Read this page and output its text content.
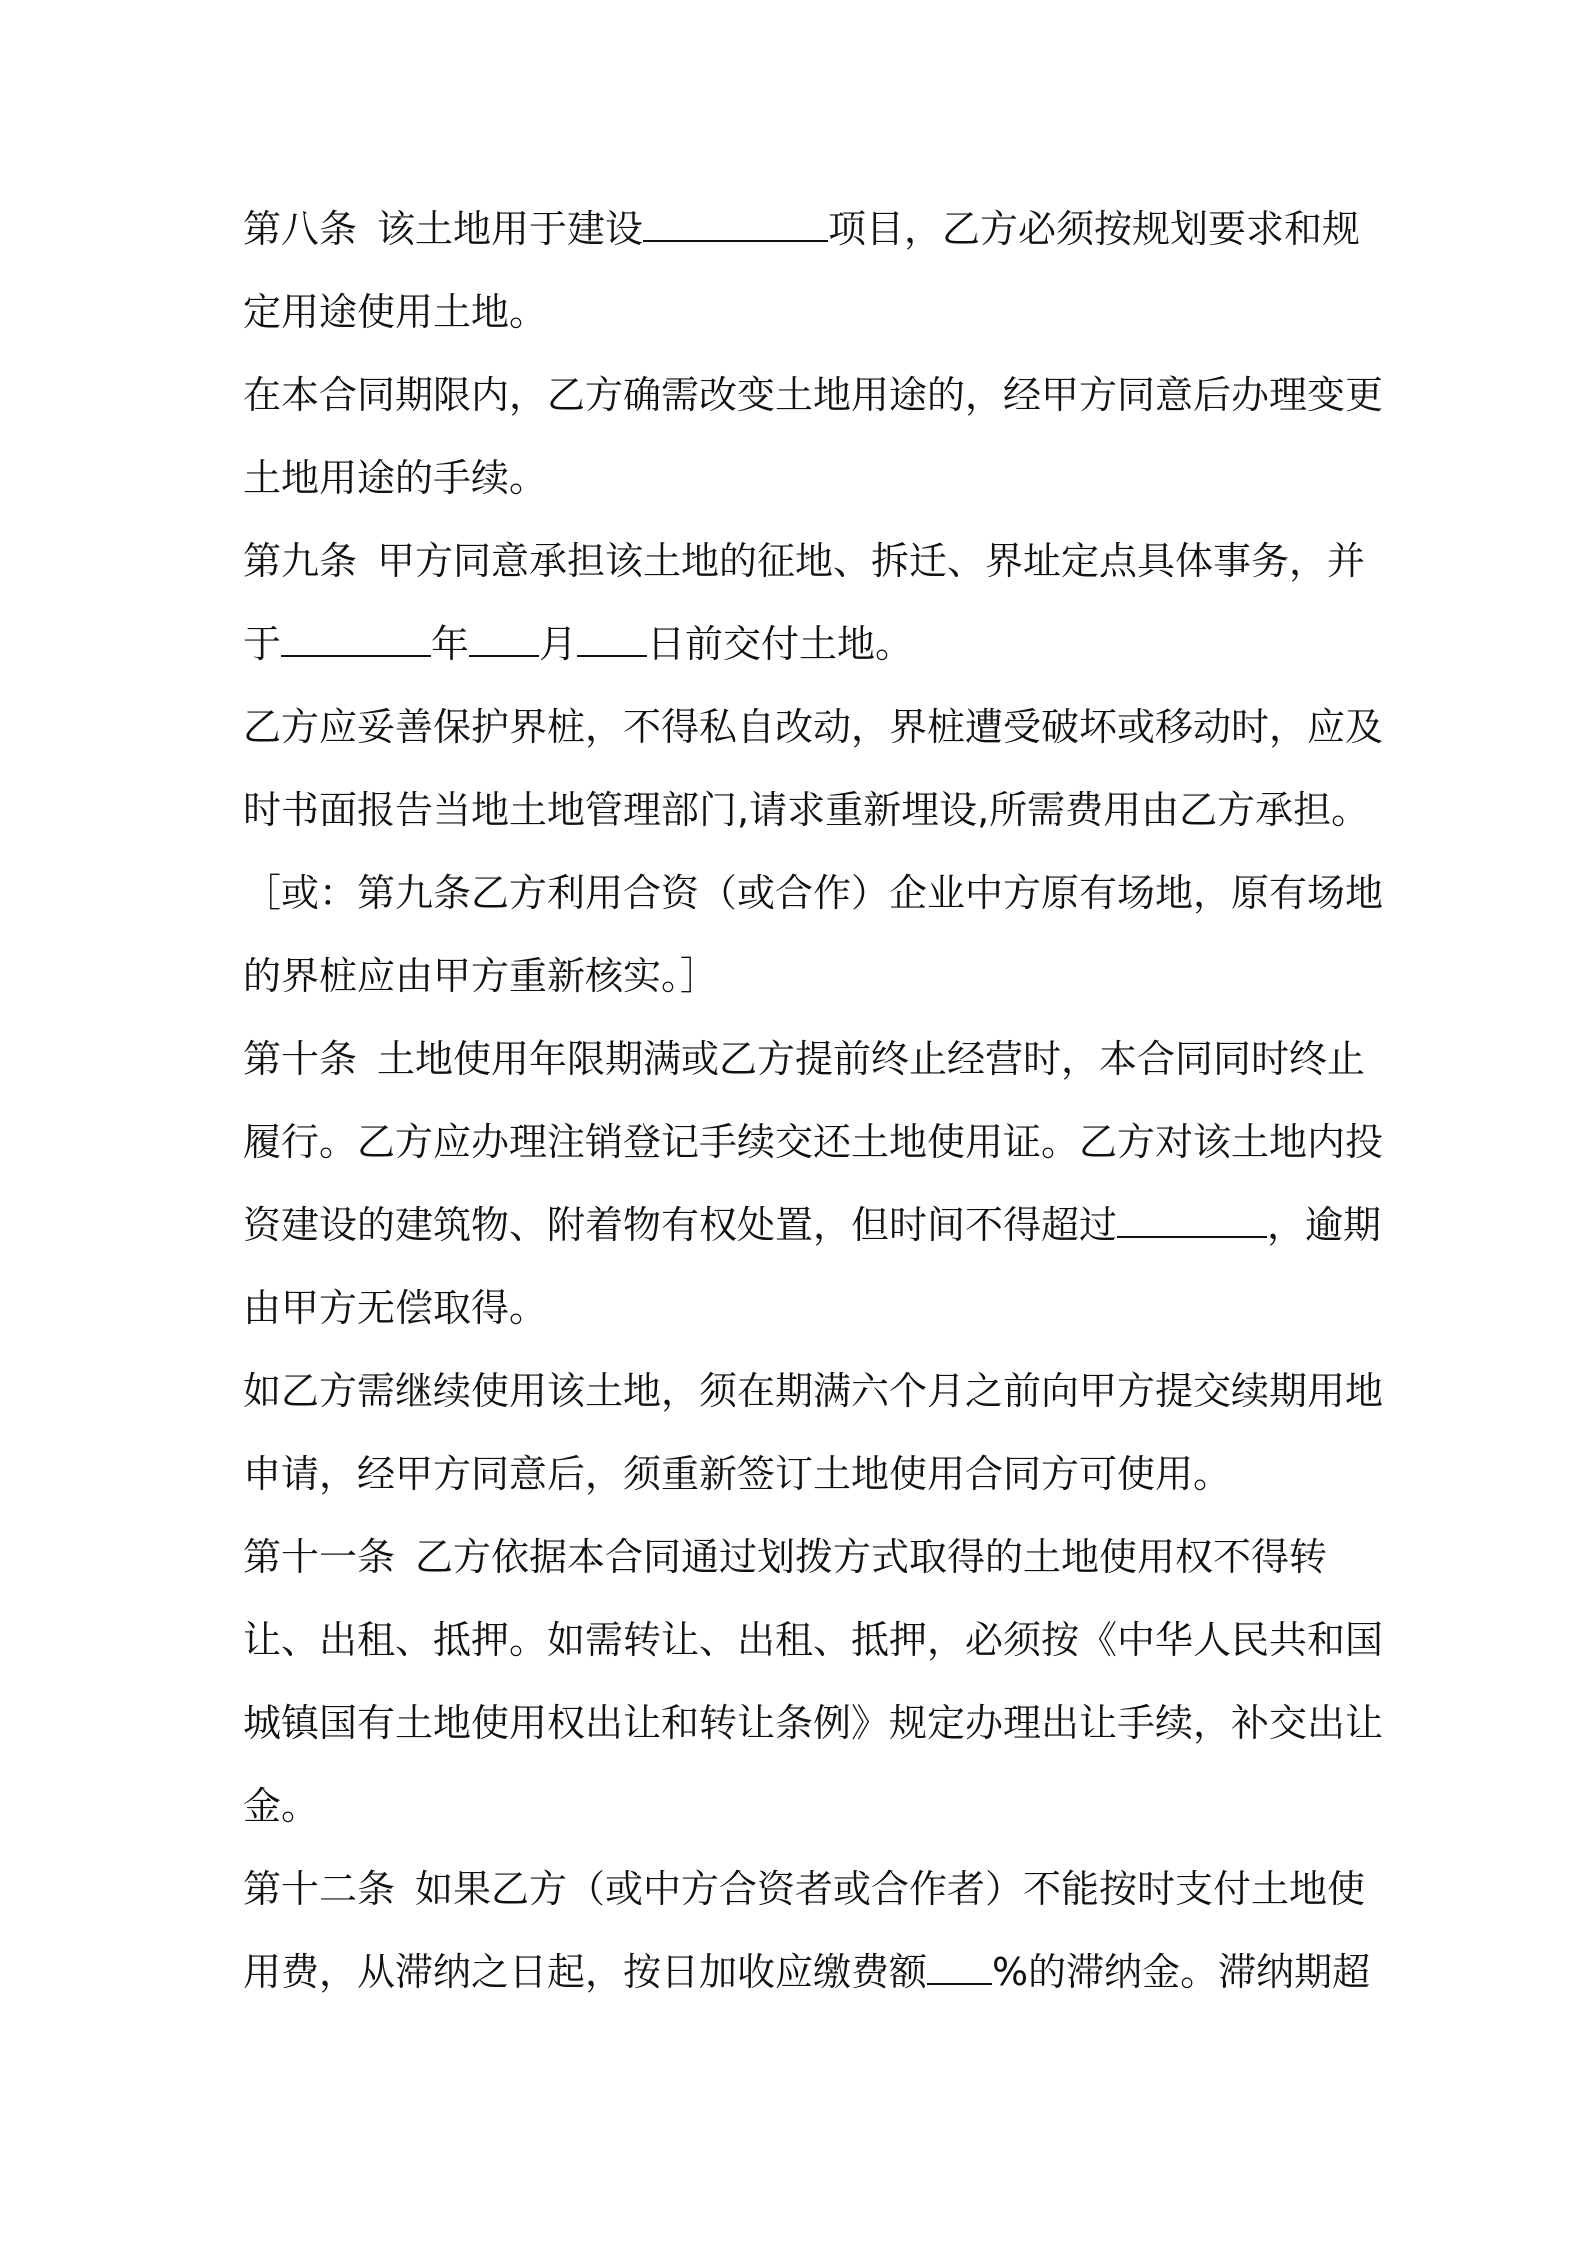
第八条 该土地用于建设	项目，乙方必须按规划要求和规
定用途使用土地。
在本合同期限内，乙方确需改变土地用途的，经甲方同意后办理变更
土地用途的手续。
第九条 甲方同意承担该土地的征地、拆迁、界址定点具体事务，并
于	年 月 日前交付土地。
乙方应妥善保护界桩，不得私自改动，界桩遭受破坏或移动时，应及
时书面报告当地土地管理部门,请求重新埋设,所需费用由乙方承担。
［或：第九条乙方利用合资（或合作）企业中方原有场地，原有场地
的界桩应由甲方重新核实。］
第十条 土地使用年限期满或乙方提前终止经营时，本合同同时终止
履行。乙方应办理注销登记手续交还土地使用证。乙方对该土地内投
资建设的建筑物、附着物有权处置，但时间不得超过	，逾期
由甲方无偿取得。
如乙方需继续使用该土地，须在期满六个月之前向甲方提交续期用地
申请，经甲方同意后，须重新签订土地使用合同方可使用。
第十一条 乙方依据本合同通过划拨方式取得的土地使用权不得转
让、出租、抵押。如需转让、出租、抵押，必须按《中华人民共和国
城镇国有土地使用权出让和转让条例》规定办理出让手续，补交出让
金。
第十二条 如果乙方（或中方合资者或合作者）不能按时支付土地使
用费，从滞纳之日起，按日加收应缴费额 %的滞纳金。滞纳期超
